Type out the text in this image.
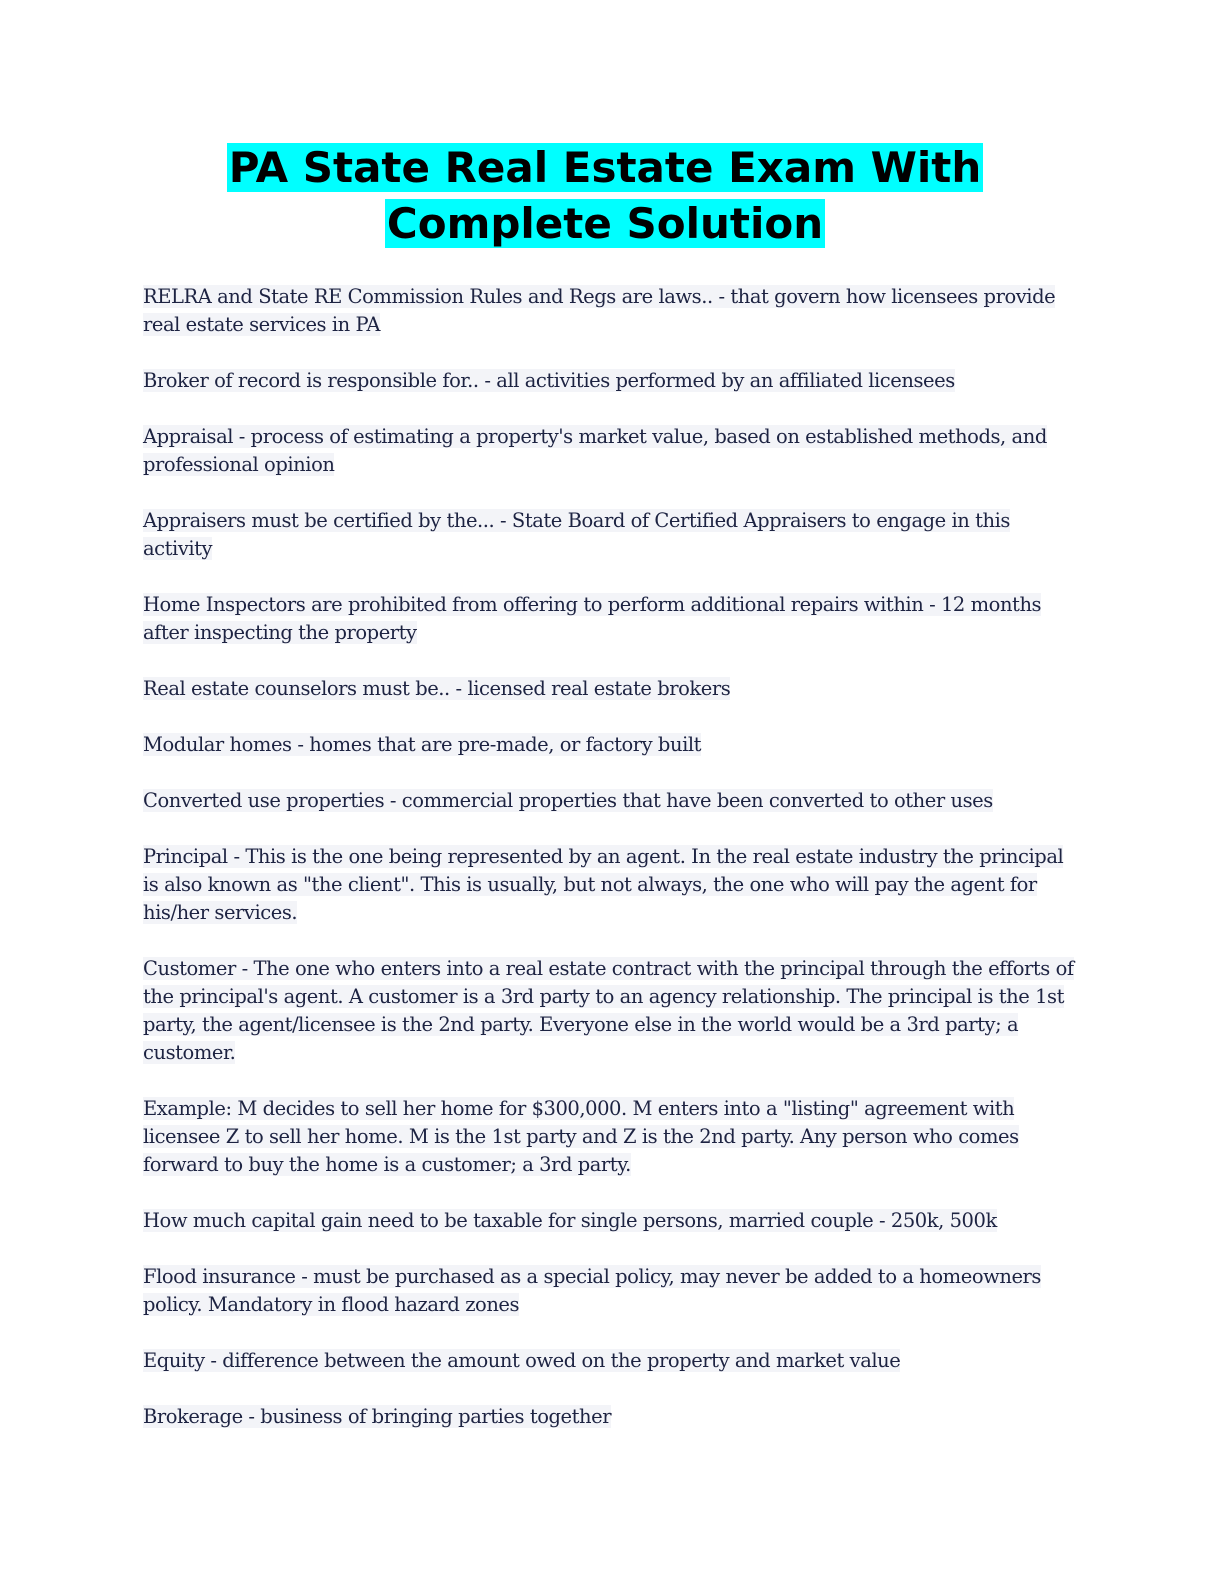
PA State Real Estate Exam With Complete Solution

RELRA and State RE Commission Rules and Regs are laws.. - that govern how licensees provide real estate services in PA

Broker of record is responsible for.. - all activities performed by an affiliated licensees

Appraisal - process of estimating a property's market value, based on established methods, and professional opinion

Appraisers must be certified by the... - State Board of Certified Appraisers to engage in this activity

Home Inspectors are prohibited from offering to perform additional repairs within - 12 months after inspecting the property

Real estate counselors must be.. - licensed real estate brokers

Modular homes - homes that are pre-made, or factory built

Converted use properties - commercial properties that have been converted to other uses

Principal - This is the one being represented by an agent. In the real estate industry the principal is also known as "the client". This is usually, but not always, the one who will pay the agent for his/her services.

Customer - The one who enters into a real estate contract with the principal through the efforts of the principal's agent. A customer is a 3rd party to an agency relationship. The principal is the 1st party, the agent/licensee is the 2nd party. Everyone else in the world would be a 3rd party; a customer.

Example: M decides to sell her home for $300,000. M enters into a "listing" agreement with licensee Z to sell her home. M is the 1st party and Z is the 2nd party. Any person who comes forward to buy the home is a customer; a 3rd party.

How much capital gain need to be taxable for single persons, married couple - 250k, 500k

Flood insurance - must be purchased as a special policy, may never be added to a homeowners policy. Mandatory in flood hazard zones

Equity - difference between the amount owed on the property and market value

Brokerage - business of bringing parties together
